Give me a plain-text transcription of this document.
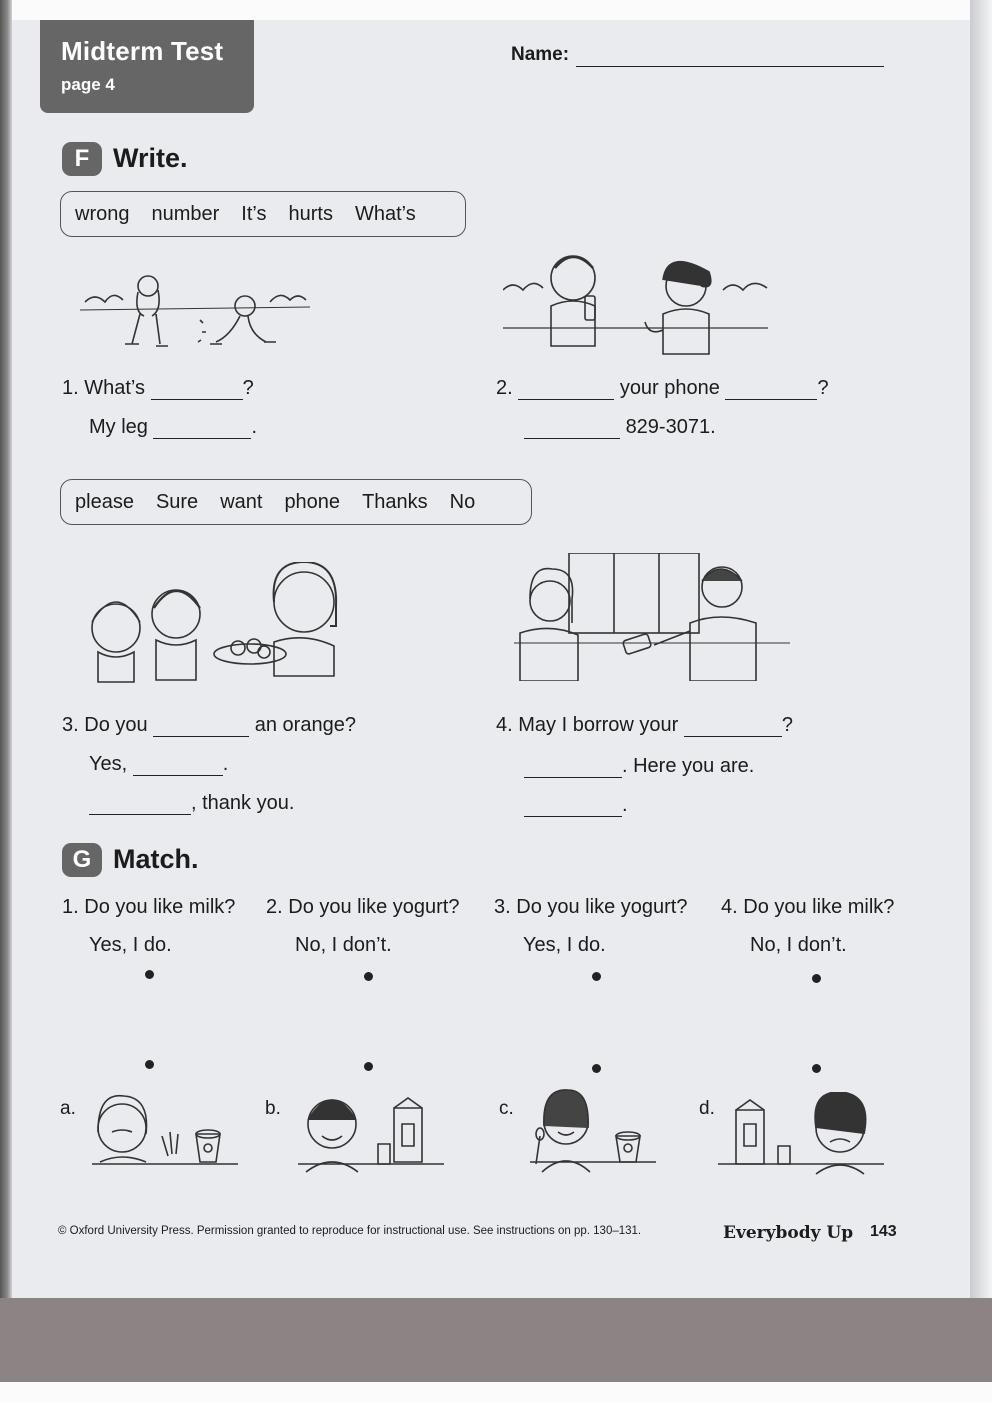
Midterm Test
page 4
Name:
F Write.
wrong number It’s hurts What’s
1. What’s	?
My leg	.
2.	your phone	?
829-3071.
please Sure want phone Thanks No
3. Do you	an orange?
Yes,	.
, thank you.
4. May I borrow your	?
. Here you are.
.
G Match.
1. Do you like milk?
Yes, I do.
2. Do you like yogurt?
No, I don’t.
3. Do you like yogurt?
Yes, I do.
4. Do you like milk?
No, I don’t.
a.	b.	c.	d.
© Oxford University Press. Permission granted to reproduce for instructional use. See instructions on pp. 130–131.	Everybody Up 143
